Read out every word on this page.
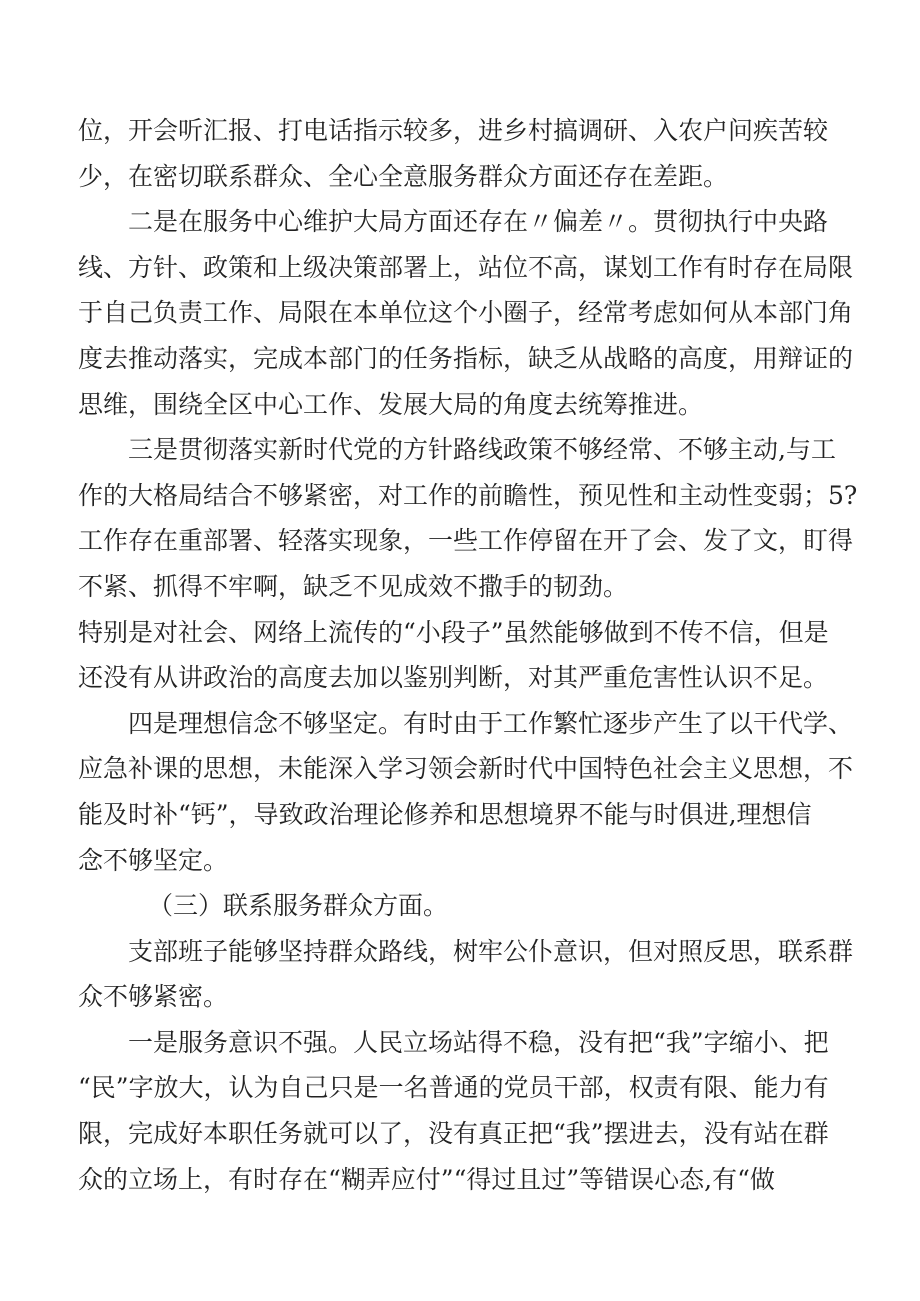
位，开会听汇报、打电话指示较多，进乡村搞调研、入农户问疾苦较
少，在密切联系群众、全心全意服务群众方面还存在差距。
二是在服务中心维护大局方面还存在〃偏差〃。贯彻执行中央路
线、方针、政策和上级决策部署上，站位不高，谋划工作有时存在局限
于自己负责工作、局限在本单位这个小圈子，经常考虑如何从本部门角
度去推动落实，完成本部门的任务指标，缺乏从战略的高度，用辩证的
思维，围绕全区中心工作、发展大局的角度去统筹推进。
三是贯彻落实新时代党的方针路线政策不够经常、不够主动,与工
作的大格局结合不够紧密，对工作的前瞻性，预见性和主动性变弱；5?
工作存在重部署、轻落实现象，一些工作停留在开了会、发了文，盯得
不紧、抓得不牢啊，缺乏不见成效不撒手的韧劲。
特别是对社会、网络上流传的“小段子”虽然能够做到不传不信，但是
还没有从讲政治的高度去加以鉴别判断，对其严重危害性认识不足。
四是理想信念不够坚定。有时由于工作繁忙逐步产生了以干代学、
应急补课的思想，未能深入学习领会新时代中国特色社会主义思想，不
能及时补“钙”，导致政治理论修养和思想境界不能与时俱进,理想信
念不够坚定。
（三）联系服务群众方面。
支部班子能够坚持群众路线，树牢公仆意识，但对照反思，联系群
众不够紧密。
一是服务意识不强。人民立场站得不稳，没有把“我”字缩小、把
“民”字放大，认为自己只是一名普通的党员干部，权责有限、能力有
限，完成好本职任务就可以了，没有真正把“我”摆进去，没有站在群
众的立场上，有时存在“糊弄应付”“得过且过”等错误心态,有“做
